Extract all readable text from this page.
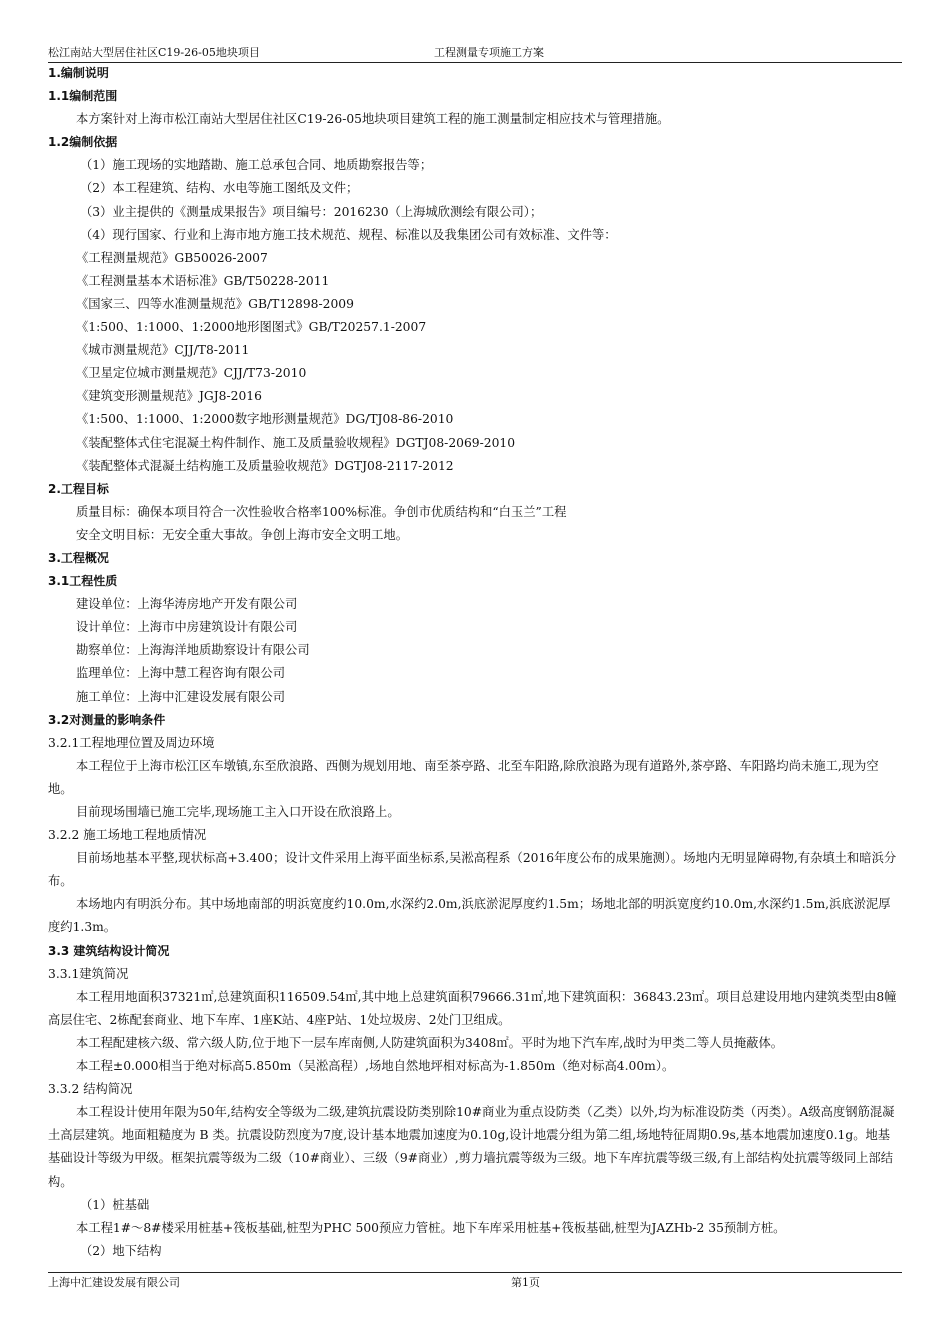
松江南站大型居住社区C19-26-05地块项目	工程测量专项施工方案
1.编制说明
1.1编制范围
本方案针对上海市松江南站大型居住社区C19-26-05地块项目建筑工程的施工测量制定相应技术与管理措施。
1.2编制依据
（1）施工现场的实地踏勘、施工总承包合同、地质勘察报告等；
（2）本工程建筑、结构、水电等施工图纸及文件；
（3）业主提供的《测量成果报告》项目编号：2016230（上海城欣测绘有限公司）；
（4）现行国家、行业和上海市地方施工技术规范、规程、标准以及我集团公司有效标准、文件等：
《工程测量规范》GB50026-2007
《工程测量基本术语标准》GB/T50228-2011
《国家三、四等水准测量规范》GB/T12898-2009
《1:500、1:1000、1:2000地形图图式》GB/T20257.1-2007
《城市测量规范》CJJ/T8-2011
《卫星定位城市测量规范》CJJ/T73-2010
《建筑变形测量规范》JGJ8-2016
《1:500、1:1000、1:2000数字地形测量规范》DG/TJ08-86-2010
《装配整体式住宅混凝土构件制作、施工及质量验收规程》DGTJ08-2069-2010
《装配整体式混凝土结构施工及质量验收规范》DGTJ08-2117-2012
2.工程目标
质量目标：确保本项目符合一次性验收合格率100%标准。争创市优质结构和“白玉兰”工程
安全文明目标：无安全重大事故。争创上海市安全文明工地。
3.工程概况
3.1工程性质
建设单位：上海华涛房地产开发有限公司
设计单位：上海市中房建筑设计有限公司
勘察单位：上海海洋地质勘察设计有限公司
监理单位：上海中慧工程咨询有限公司
施工单位：上海中汇建设发展有限公司
3.2对测量的影响条件
3.2.1工程地理位置及周边环境
本工程位于上海市松江区车墩镇,东至欣浪路、西侧为规划用地、南至茶亭路、北至车阳路,除欣浪路为现有道路外,茶亭路、车阳路均尚未施工,现为空地。
目前现场围墙已施工完毕,现场施工主入口开设在欣浪路上。
3.2.2 施工场地工程地质情况
目前场地基本平整,现状标高+3.400；设计文件采用上海平面坐标系,吴淞高程系（2016年度公布的成果施测）。场地内无明显障碍物,有杂填土和暗浜分布。
本场地内有明浜分布。其中场地南部的明浜宽度约10.0m,水深约2.0m,浜底淤泥厚度约1.5m；场地北部的明浜宽度约10.0m,水深约1.5m,浜底淤泥厚度约1.3m。
3.3 建筑结构设计简况
3.3.1建筑简况
本工程用地面积37321㎡,总建筑面积116509.54㎡,其中地上总建筑面积79666.31㎡,地下建筑面积：36843.23㎡。项目总建设用地内建筑类型由8幢高层住宅、2栋配套商业、地下车库、1座K站、4座P站、1处垃圾房、2处门卫组成。
本工程配建核六级、常六级人防,位于地下一层车库南侧,人防建筑面积为3408㎡。平时为地下汽车库,战时为甲类二等人员掩蔽体。
本工程±0.000相当于绝对标高5.850m（吴淞高程）,场地自然地坪相对标高为-1.850m（绝对标高4.00m）。
3.3.2 结构简况
本工程设计使用年限为50年,结构安全等级为二级,建筑抗震设防类别除10#商业为重点设防类（乙类）以外,均为标准设防类（丙类）。A级高度钢筋混凝土高层建筑。地面粗糙度为 B 类。抗震设防烈度为7度,设计基本地震加速度为0.10g,设计地震分组为第二组,场地特征周期0.9s,基本地震加速度0.1g。地基基础设计等级为甲级。框架抗震等级为二级（10#商业）、三级（9#商业）,剪力墙抗震等级为三级。地下车库抗震等级三级,有上部结构处抗震等级同上部结构。
（1）桩基础
本工程1#～8#楼采用桩基+筏板基础,桩型为PHC 500预应力管桩。地下车库采用桩基+筏板基础,桩型为JAZHb-2 35预制方桩。
（2）地下结构
上海中汇建设发展有限公司	第1页
